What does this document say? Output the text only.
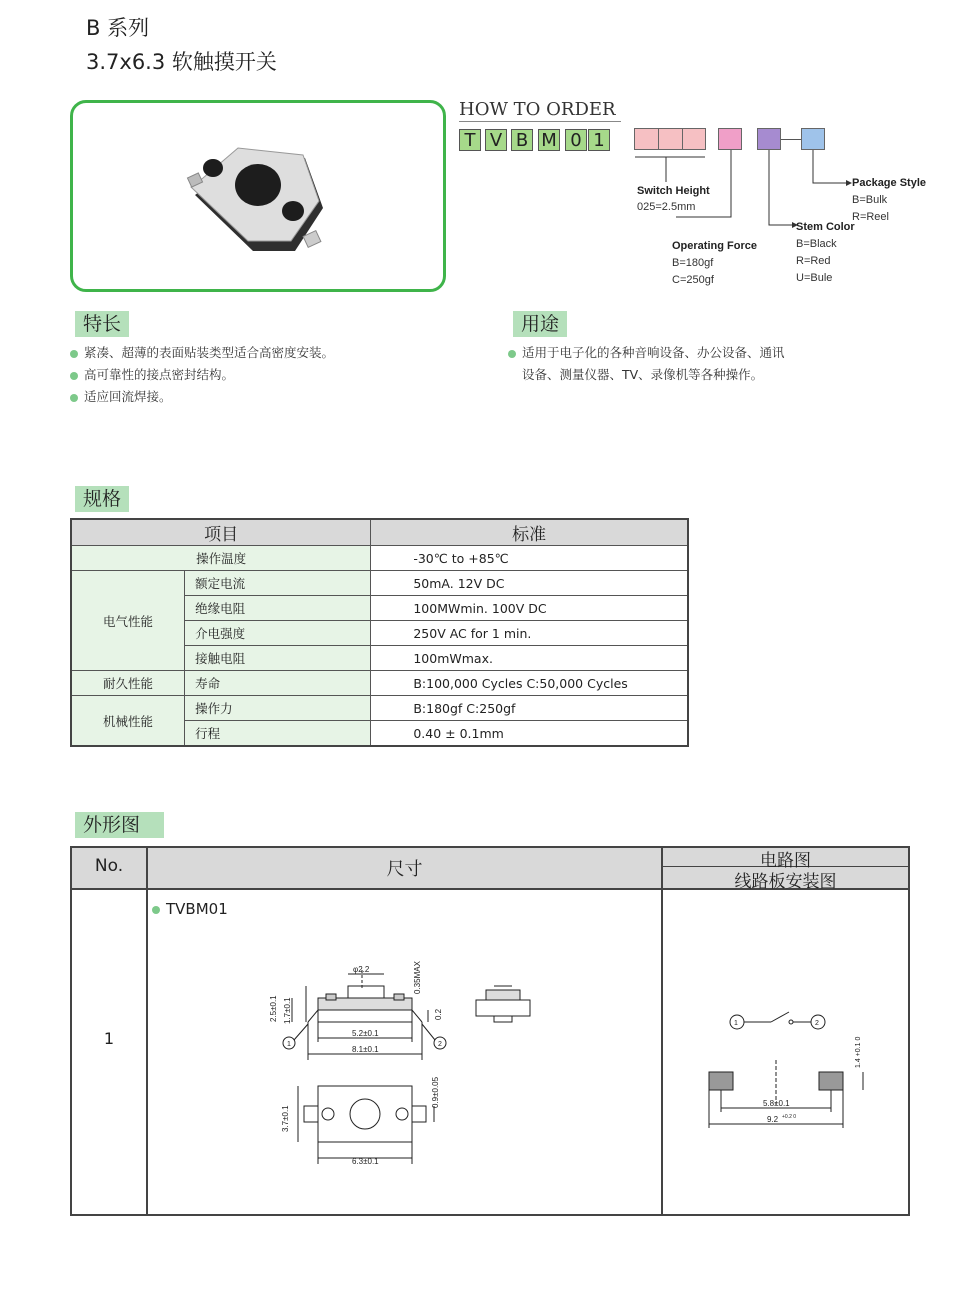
B 系列
3.7x6.3 软触摸开关
HOW TO ORDER
T V B M 0 1
Switch Height
025=2.5mm
Operating Force
B=180gf
C=250gf
Stem Color
B=Black
R=Red
U=Bule
Package Style
B=Bulk
R=Reel
特长
紧凑、超薄的表面贴装类型适合高密度安装。
高可靠性的接点密封结构。
适应回流焊接。
用途
适用于电子化的各种音响设备、办公设备、通讯
设备、测量仪器、TV、录像机等各种操作。
规格
项目		标准
操作温度		-30℃ to +85℃
电气性能	额定电流	50mA. 12V DC
	绝缘电阻	100MWmin. 100V DC
	介电强度	250V AC for 1 min.
	接触电阻	100mWmax.
耐久性能	寿命	B:100,000 Cycles C:50,000 Cycles
机械性能	操作力	B:180gf C:250gf
	行程	0.40 ± 0.1mm
外形图
No.	尺寸	电路图
线路板安装图
1
TVBM01
φ2.2	0.35MAX
2.5±0.1 1.7±0.1	0.2
5.2±0.1
8.1±0.1
1	2
3.7±0.1
0.9±0.05
6.3±0.1
1	2
5.8±0.1
9.2 +0.2 0
1.4 +0.1 0
